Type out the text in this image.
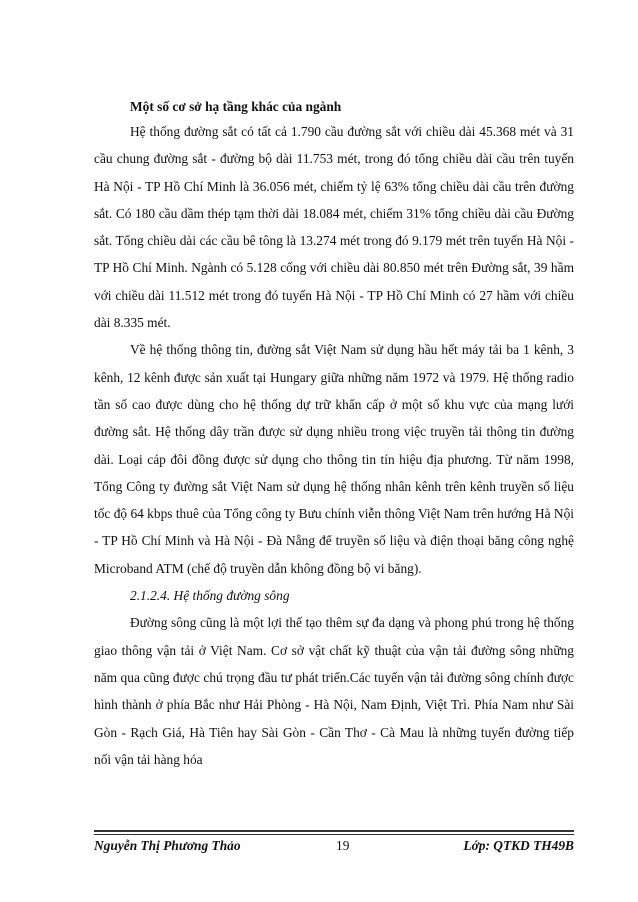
Một số cơ sở hạ tầng khác của ngành

Hệ thống đường sắt có tất cả 1.790 cầu đường sắt với chiều dài 45.368 mét và 31 cầu chung đường sắt - đường bộ dài 11.753 mét, trong đó tổng chiều dài cầu trên tuyến Hà Nội - TP Hồ Chí Minh là 36.056 mét, chiếm tỷ lệ 63% tổng chiều dài cầu trên đường sắt. Có 180 cầu dầm thép tạm thời dài 18.084 mét, chiếm 31% tổng chiều dài cầu Đường sắt. Tổng chiều dài các cầu bê tông là 13.274 mét trong đó 9.179 mét trên tuyến Hà Nội - TP Hồ Chí Minh. Ngành có 5.128 cống với chiều dài 80.850 mét trên Đường sắt, 39 hầm với chiều dài 11.512 mét trong đó tuyến Hà Nội - TP Hồ Chí Minh có 27 hầm với chiều dài 8.335 mét.

Về hệ thống thông tin, đường sắt Việt Nam sử dụng hầu hết máy tải ba 1 kênh, 3 kênh, 12 kênh được sản xuất tại Hungary giữa những năm 1972 và 1979. Hệ thống radio tần số cao được dùng cho hệ thống dự trữ khẩn cấp ở một số khu vực của mạng lưới đường sắt. Hệ thống dây trần được sử dụng nhiều trong việc truyền tải thông tin đường dài. Loại cáp đôi đồng được sử dụng cho thông tin tín hiệu địa phương. Từ năm 1998, Tổng Công ty đường sắt Việt Nam sử dụng hệ thống nhân kênh trên kênh truyền số liệu tốc độ 64 kbps thuê của Tổng công ty Bưu chính viễn thông Việt Nam trên hướng Hà Nội - TP Hồ Chí Minh và Hà Nội - Đà Nẵng để truyền số liệu và điện thoại băng công nghệ Microband ATM (chế độ truyền dẫn không đồng bộ vi băng).

2.1.2.4. Hệ thống đường sông

Đường sông cũng là một lợi thế tạo thêm sự đa dạng và phong phú trong hệ thống giao thông vận tải ở Việt Nam. Cơ sở vật chất kỹ thuật của vận tải đường sông những năm qua cũng được chú trọng đầu tư phát triển.Các tuyến vận tải đường sông chính được hình thành ở phía Bắc như Hải Phòng - Hà Nội, Nam Định, Việt Trì. Phía Nam như Sài Gòn - Rạch Giá, Hà Tiên hay Sài Gòn - Cần Thơ - Cà Mau là những tuyến đường tiếp nối vận tải hàng hóa

Nguyễn Thị Phương Thảo	19	Lớp: QTKD TH49B
